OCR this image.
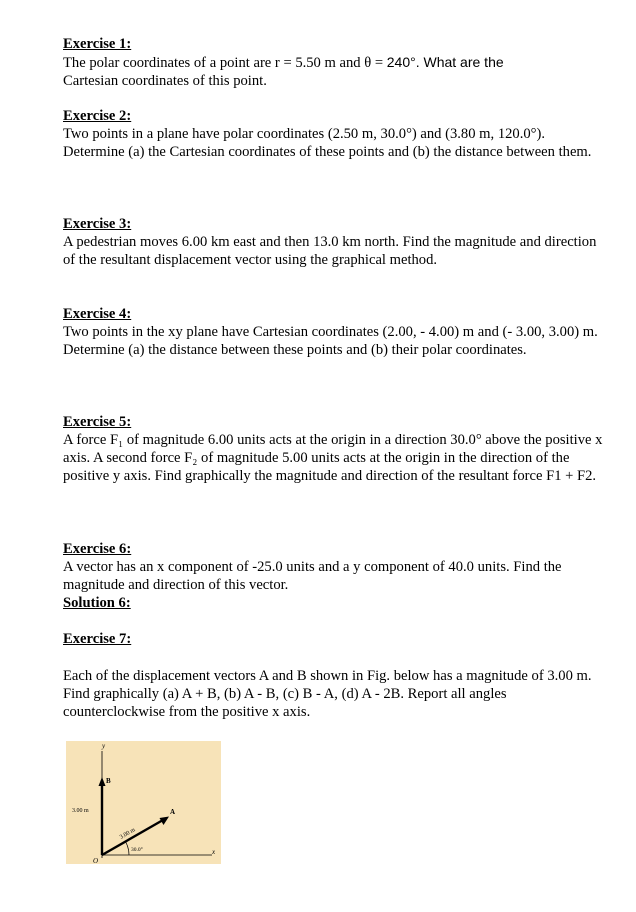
Exercise 1:
The polar coordinates of a point are r = 5.50 m and θ = 240°. What are the
Cartesian coordinates of this point.
Exercise 2:
Two points in a plane have polar coordinates (2.50 m, 30.0°) and (3.80 m, 120.0°). Determine (a) the Cartesian coordinates of these points and (b) the distance between them.
Exercise 3:
A pedestrian moves 6.00 km east and then 13.0 km north. Find the magnitude and direction of the resultant displacement vector using the graphical method.
Exercise 4:
Two points in the xy plane have Cartesian coordinates (2.00, - 4.00) m and (- 3.00, 3.00) m. Determine (a) the distance between these points and (b) their polar coordinates.
Exercise 5:
A force F₁ of magnitude 6.00 units acts at the origin in a direction 30.0° above the positive x axis. A second force F₂ of magnitude 5.00 units acts at the origin in the direction of the positive y axis. Find graphically the magnitude and direction of the resultant force F1 + F2.
Exercise 6:
A vector has an x component of -25.0 units and a y component of 40.0 units. Find the magnitude and direction of this vector.
Solution 6:
Exercise 7:
Each of the displacement vectors A and B shown in Fig. below has a magnitude of 3.00 m. Find graphically (a) A + B, (b) A - B, (c) B - A, (d) A - 2B. Report all angles counterclockwise from the positive x axis.
y
x
O
B
A
3.00 m
3.00 m
30.0°
